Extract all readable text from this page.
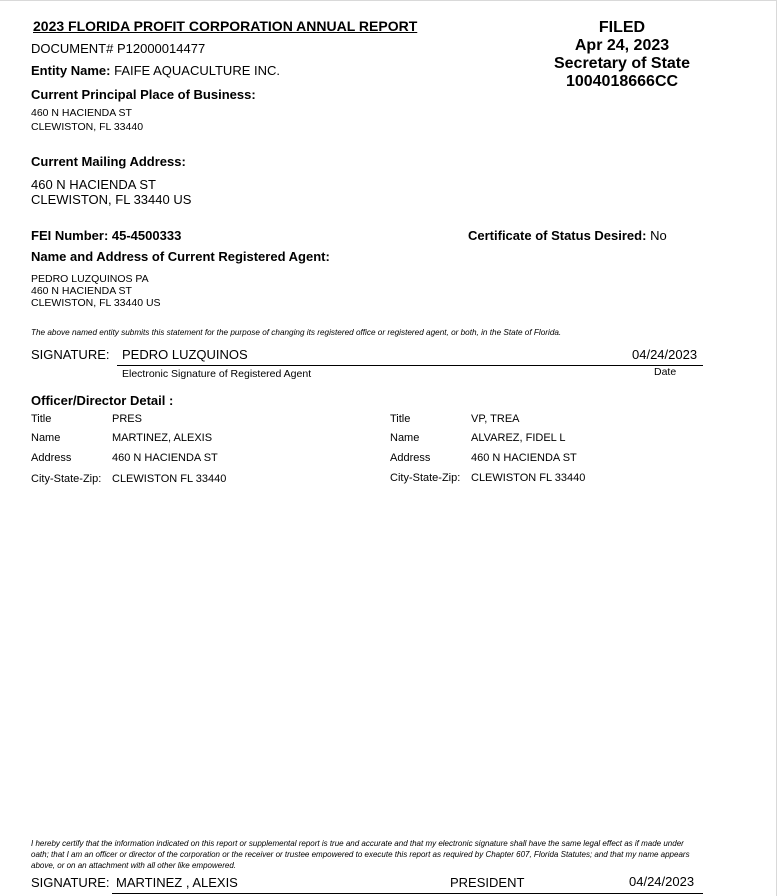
2023 FLORIDA PROFIT CORPORATION ANNUAL REPORT
DOCUMENT# P12000014477
Entity Name: FAIFE AQUACULTURE INC.
FILED
Apr 24, 2023
Secretary of State
1004018666CC
Current Principal Place of Business:
460 N HACIENDA ST
CLEWISTON, FL 33440
Current Mailing Address:
460 N HACIENDA ST
CLEWISTON, FL 33440 US
FEI Number: 45-4500333	Certificate of Status Desired: No
Name and Address of Current Registered Agent:
PEDRO LUZQUINOS PA
460 N HACIENDA ST
CLEWISTON, FL 33440 US
The above named entity submits this statement for the purpose of changing its registered office or registered agent, or both, in the State of Florida.
SIGNATURE: PEDRO LUZQUINOS	04/24/2023
Electronic Signature of Registered Agent	Date
Officer/Director Detail :
Title	PRES
Name	MARTINEZ, ALEXIS
Address	460 N HACIENDA ST
City-State-Zip: CLEWISTON FL 33440
Title	VP, TREA
Name	ALVAREZ, FIDEL L
Address	460 N HACIENDA ST
City-State-Zip: CLEWISTON FL 33440
I hereby certify that the information indicated on this report or supplemental report is true and accurate and that my electronic signature shall have the same legal effect as if made under oath; that I am an officer or director of the corporation or the receiver or trustee empowered to execute this report as required by Chapter 607, Florida Statutes; and that my name appears above, or on an attachment with all other like empowered.
SIGNATURE: MARTINEZ , ALEXIS	PRESIDENT	04/24/2023
